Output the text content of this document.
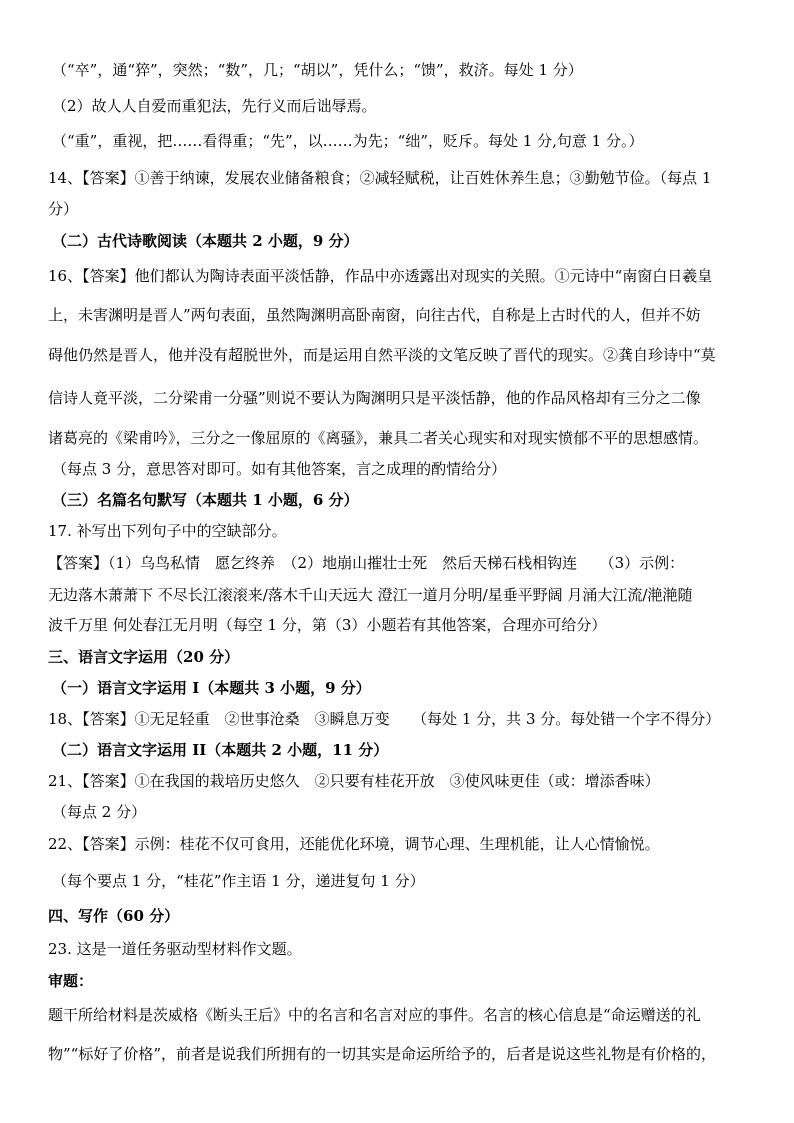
（“卒”，通“猝”，突然；“数”，几；“胡以”，凭什么；“馈”，救济。每处 1 分）
（2）故人人自爱而重犯法，先行义而后诎辱焉。
（“重”，重视，把……看得重；“先”，以……为先；“绌”，贬斥。每处 1 分,句意 1 分。）
14、【答案】①善于纳谏，发展农业储备粮食；②减轻赋税，让百姓休养生息；③勤勉节俭。（每点 1
分）
（二）古代诗歌阅读（本题共 2 小题，9 分）
16、【答案】他们都认为陶诗表面平淡恬静，作品中亦透露出对现实的关照。①元诗中“南窗白日羲皇
上，未害渊明是晋人”两句表面，虽然陶渊明高卧南窗，向往古代，自称是上古时代的人，但并不妨
碍他仍然是晋人，他并没有超脱世外，而是运用自然平淡的文笔反映了晋代的现实。②龚自珍诗中“莫
信诗人竟平淡，二分梁甫一分骚”则说不要认为陶渊明只是平淡恬静，他的作品风格却有三分之二像
诸葛亮的《梁甫吟》，三分之一像屈原的《离骚》，兼具二者关心现实和对现实愤郁不平的思想感情。
（每点 3 分，意思答对即可。如有其他答案，言之成理的酌情给分）
（三）名篇名句默写（本题共 1 小题，6 分）
17. 补写出下列句子中的空缺部分。
【答案】（1）乌鸟私情　愿乞终养　（2）地崩山摧壮士死　然后天梯石栈相钩连　　（3）示例：
无边落木萧萧下 不尽长江滚滚来/落木千山天远大 澄江一道月分明/星垂平野阔 月涌大江流/滟滟随
波千万里 何处春江无月明（每空 1 分，第（3）小题若有其他答案，合理亦可给分）
三、语言文字运用（20 分）
（一）语言文字运用 I（本题共 3 小题，9 分）
18、【答案】①无足轻重　②世事沧桑　③瞬息万变　　（每处 1 分，共 3 分。每处错一个字不得分）
（二）语言文字运用 II（本题共 2 小题，11 分）
21、【答案】①在我国的栽培历史悠久　②只要有桂花开放　③使风味更佳（或：增添香味）
（每点 2 分）
22、【答案】示例：桂花不仅可食用，还能优化环境，调节心理、生理机能，让人心情愉悦。
（每个要点 1 分，“桂花”作主语 1 分，递进复句 1 分）
四、写作（60 分）
23. 这是一道任务驱动型材料作文题。
审题：
题干所给材料是茨威格《断头王后》中的名言和名言对应的事件。名言的核心信息是“命运赠送的礼
物”“标好了价格”，前者是说我们所拥有的一切其实是命运所给予的，后者是说这些礼物是有价格的，
